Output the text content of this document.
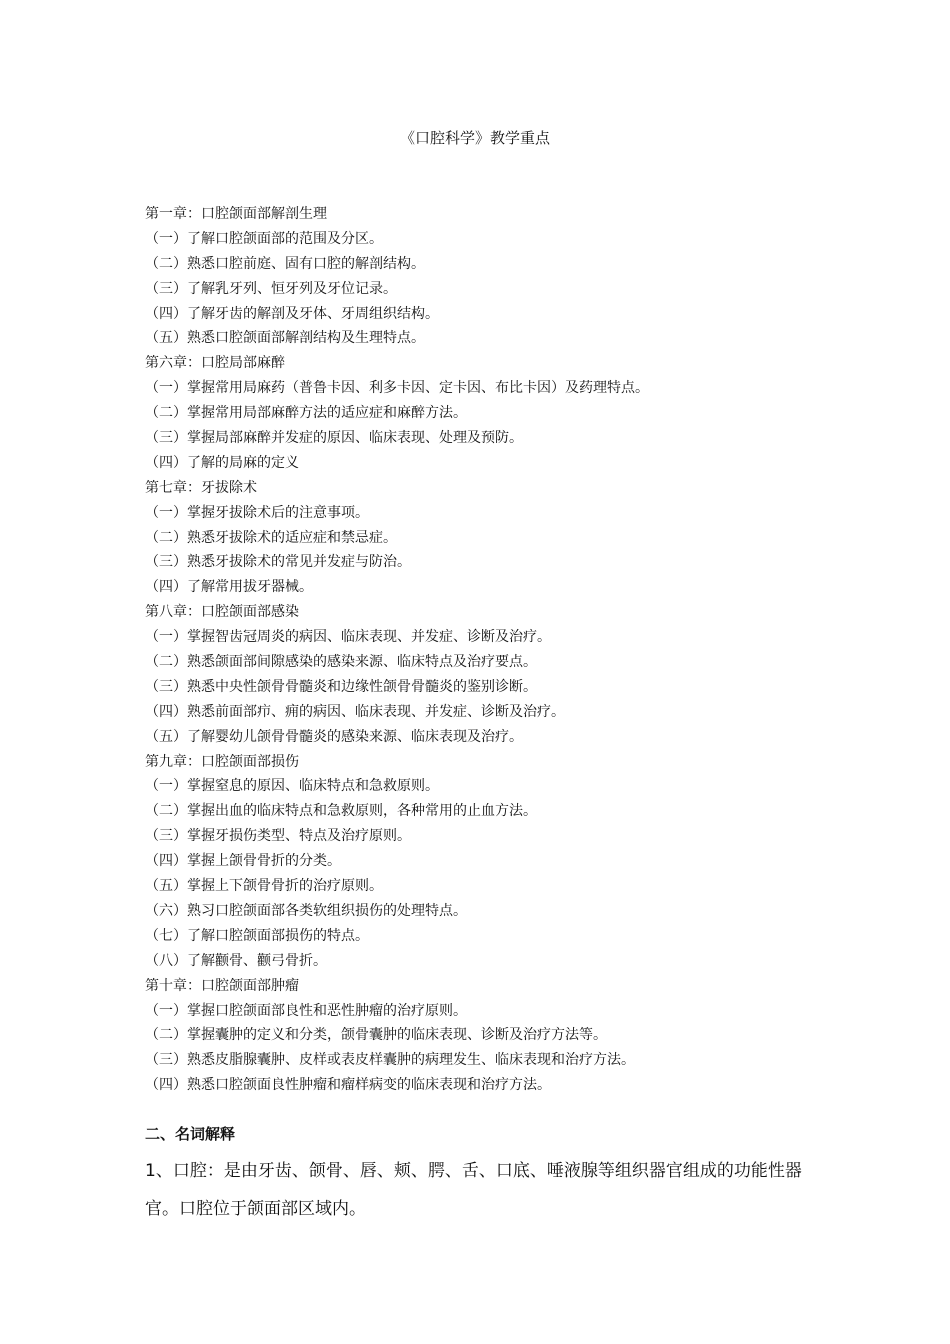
《口腔科学》教学重点
第一章：口腔颌面部解剖生理
（一）了解口腔颌面部的范围及分区。
（二）熟悉口腔前庭、固有口腔的解剖结构。
（三）了解乳牙列、恒牙列及牙位记录。
（四）了解牙齿的解剖及牙体、牙周组织结构。
（五）熟悉口腔颌面部解剖结构及生理特点。
第六章：口腔局部麻醉
（一）掌握常用局麻药（普鲁卡因、利多卡因、定卡因、布比卡因）及药理特点。
（二）掌握常用局部麻醉方法的适应症和麻醉方法。
（三）掌握局部麻醉并发症的原因、临床表现、处理及预防。
（四）了解的局麻的定义
第七章：牙拔除术
（一）掌握牙拔除术后的注意事项。
（二）熟悉牙拔除术的适应症和禁忌症。
（三）熟悉牙拔除术的常见并发症与防治。
（四）了解常用拔牙器械。
第八章：口腔颌面部感染
（一）掌握智齿冠周炎的病因、临床表现、并发症、诊断及治疗。
（二）熟悉颌面部间隙感染的感染来源、临床特点及治疗要点。
（三）熟悉中央性颌骨骨髓炎和边缘性颌骨骨髓炎的鉴别诊断。
（四）熟悉前面部疖、痈的病因、临床表现、并发症、诊断及治疗。
（五）了解婴幼儿颌骨骨髓炎的感染来源、临床表现及治疗。
第九章：口腔颌面部损伤
（一）掌握窒息的原因、临床特点和急救原则。
（二）掌握出血的临床特点和急救原则，各种常用的止血方法。
（三）掌握牙损伤类型、特点及治疗原则。
（四）掌握上颌骨骨折的分类。
（五）掌握上下颌骨骨折的治疗原则。
（六）熟习口腔颌面部各类软组织损伤的处理特点。
（七）了解口腔颌面部损伤的特点。
（八）了解颧骨、颧弓骨折。
第十章：口腔颌面部肿瘤
（一）掌握口腔颌面部良性和恶性肿瘤的治疗原则。
（二）掌握囊肿的定义和分类，颌骨囊肿的临床表现、诊断及治疗方法等。
（三）熟悉皮脂腺囊肿、皮样或表皮样囊肿的病理发生、临床表现和治疗方法。
（四）熟悉口腔颌面良性肿瘤和瘤样病变的临床表现和治疗方法。
二、名词解释
1、口腔：是由牙齿、颌骨、唇、颊、腭、舌、口底、唾液腺等组织器官组成的功能性器官。口腔位于颌面部区域内。
